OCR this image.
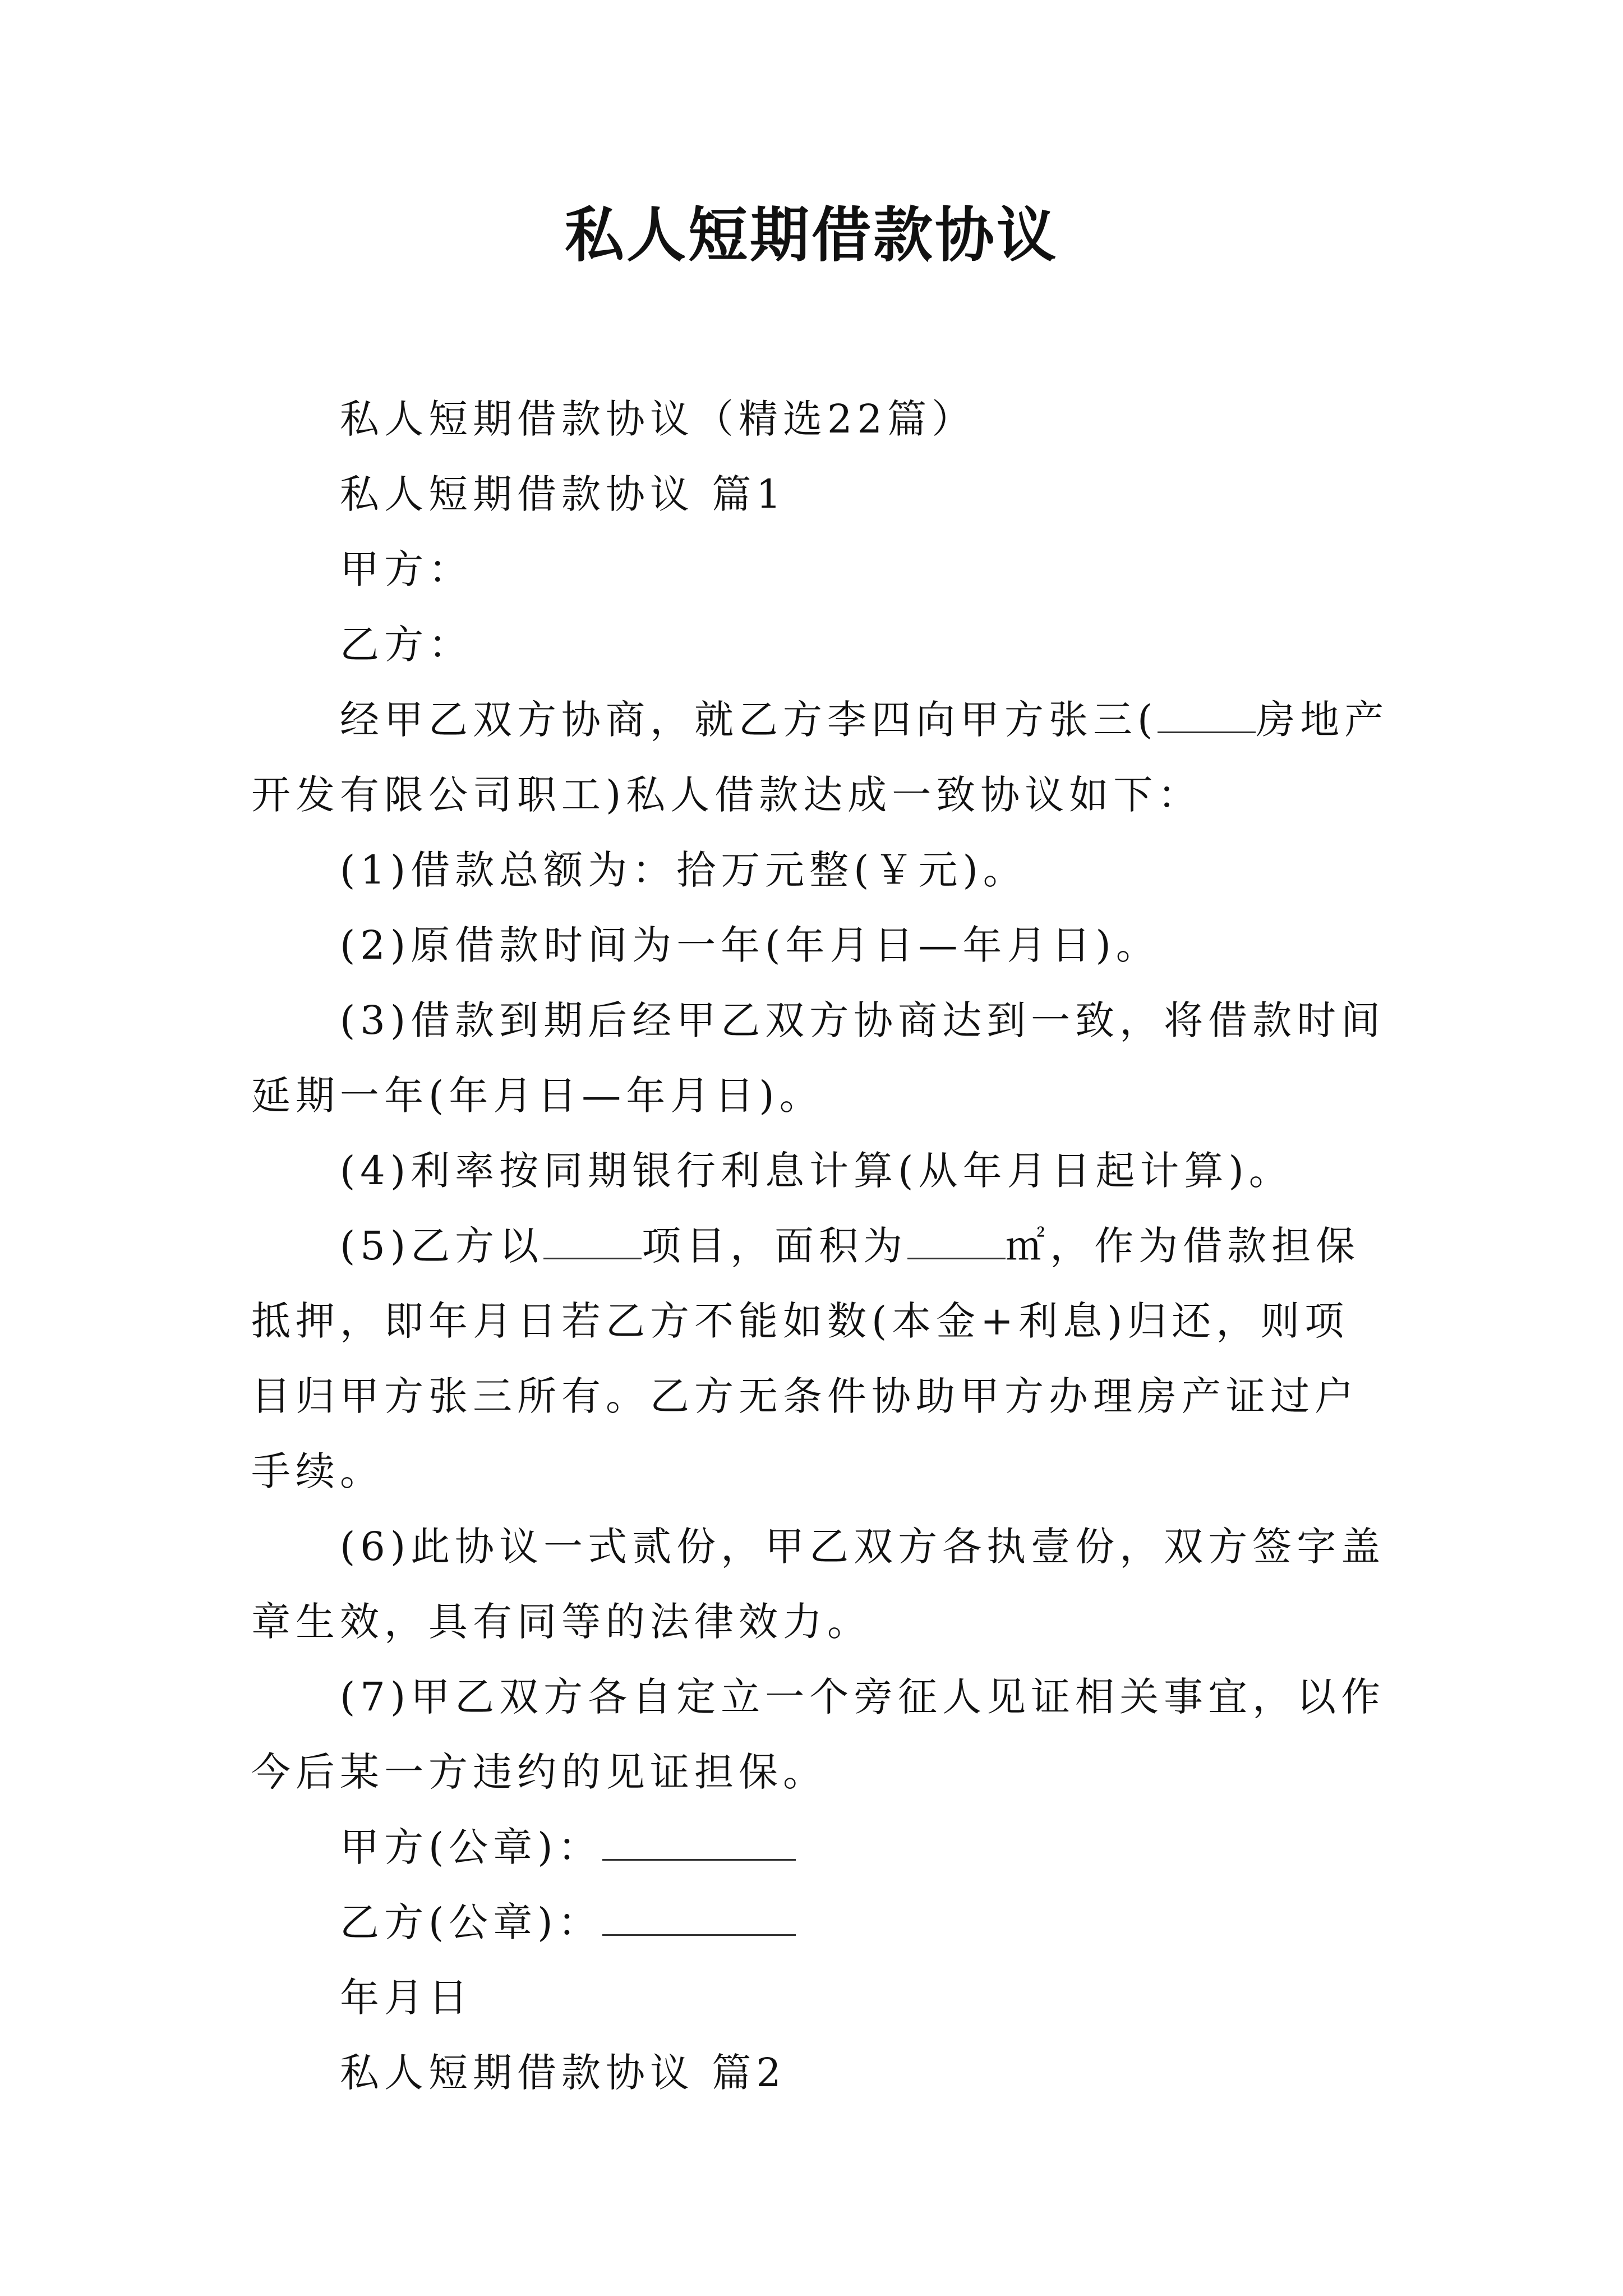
私人短期借款协议

私人短期借款协议（精选22篇）

私人短期借款协议 篇1

甲方：

乙方：

经甲乙双方协商，就乙方李四向甲方张三(	房地产开发有限公司职工)私人借款达成一致协议如下：

(1)借款总额为：拾万元整(￥元)。

(2)原借款时间为一年(年月日—年月日)。

(3)借款到期后经甲乙双方协商达到一致，将借款时间延期一年(年月日—年月日)。

(4)利率按同期银行利息计算(从年月日起计算)。

(5)乙方以	项目，面积为	㎡，作为借款担保抵押，即年月日若乙方不能如数(本金+利息)归还，则项目归甲方张三所有。乙方无条件协助甲方办理房产证过户手续。

(6)此协议一式贰份，甲乙双方各执壹份，双方签字盖章生效，具有同等的法律效力。

(7)甲乙双方各自定立一个旁征人见证相关事宜，以作今后某一方违约的见证担保。

甲方(公章)：

乙方(公章)：

年月日

私人短期借款协议 篇2
